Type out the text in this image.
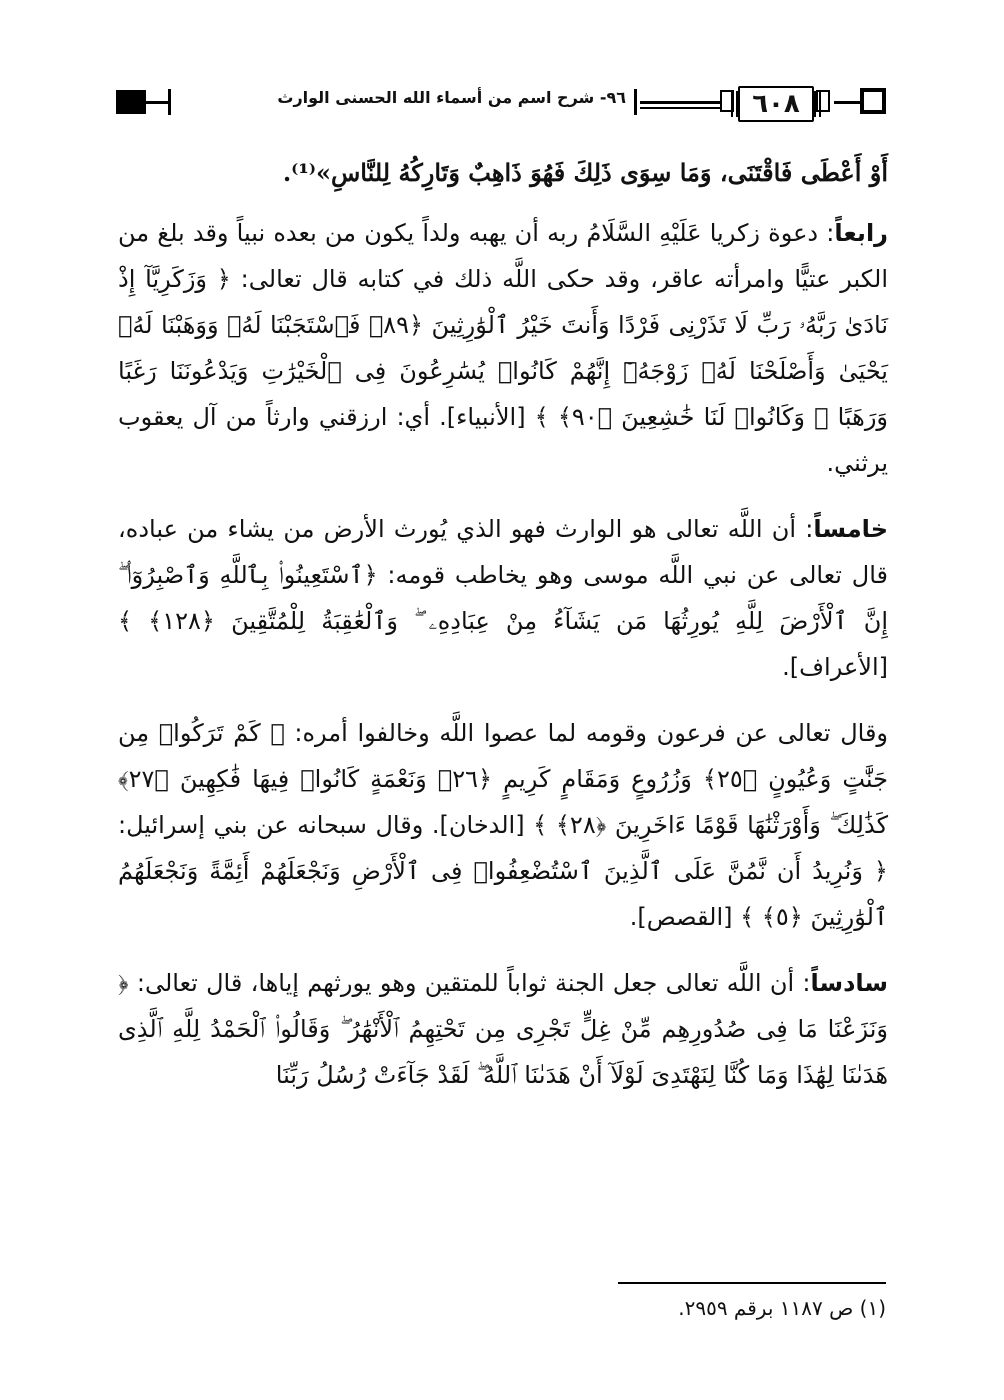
٩٦- شرح اسم من أسماء الله الحسنى الوارث	٦٠٨

أَوْ أَعْطَى فَاقْتَنَى، وَمَا سِوَى ذَلِكَ فَهُوَ ذَاهِبٌ وَتَارِكُهُ لِلنَّاسِ»⁽¹⁾.

رابعاً: دعوة زكريا عَلَيْهِ السَّلَامُ ربه أن يهبه ولداً يكون من بعده نبياً وقد بلغ من الكبر عتيًّا وامرأته عاقر، وقد حكى اللَّه ذلك في كتابه قال تعالى: ﴿ وَزَكَرِيَّآ إِذْ نَادَىٰ رَبَّهُۥ رَبِّ لَا تَذَرْنِى فَرْدًا وَأَنتَ خَيْرُ ٱلْوَٰرِثِينَ ﴿٨٩﴾ فَٱسْتَجَبْنَا لَهُۥ وَوَهَبْنَا لَهُۥ يَحْيَىٰ وَأَصْلَحْنَا لَهُۥ زَوْجَهُۥٓ إِنَّهُمْ كَانُوا۟ يُسَٰرِعُونَ فِى ٱلْخَيْرَٰتِ وَيَدْعُونَنَا رَغَبًا وَرَهَبًا ۖ وَكَانُوا۟ لَنَا خَٰشِعِينَ ﴿٩٠﴾ ﴾ [الأنبياء]. أي: ارزقني وارثاً من آل يعقوب يرثني.

خامساً: أن اللَّه تعالى هو الوارث فهو الذي يُورث الأرض من يشاء من عباده، قال تعالى عن نبي اللَّه موسى وهو يخاطب قومه: ﴿ٱسْتَعِينُوا۟ بِٱللَّهِ وَٱصْبِرُوٓا۟ ۖ إِنَّ ٱلْأَرْضَ لِلَّهِ يُورِثُهَا مَن يَشَآءُ مِنْ عِبَادِهِۦ ۖ وَٱلْعَٰقِبَةُ لِلْمُتَّقِينَ ﴿١٢٨﴾ ﴾ [الأعراف].

وقال تعالى عن فرعون وقومه لما عصوا اللَّه وخالفوا أمره: ﴿ كَمْ تَرَكُوا۟ مِن جَنَّٰتٍ وَعُيُونٍ ﴿٢٥﴾ وَزُرُوعٍ وَمَقَامٍ كَرِيمٍ ﴿٢٦﴾ وَنَعْمَةٍ كَانُوا۟ فِيهَا فَٰكِهِينَ ﴿٢٧﴾ كَذَٰلِكَ ۖ وَأَوْرَثْنَٰهَا قَوْمًا ءَاخَرِينَ ﴿٢٨﴾ ﴾ [الدخان]. وقال سبحانه عن بني إسرائيل: ﴿ وَنُرِيدُ أَن نَّمُنَّ عَلَى ٱلَّذِينَ ٱسْتُضْعِفُوا۟ فِى ٱلْأَرْضِ وَنَجْعَلَهُمْ أَئِمَّةً وَنَجْعَلَهُمُ ٱلْوَٰرِثِينَ ﴿٥﴾ ﴾ [القصص].

سادساً: أن اللَّه تعالى جعل الجنة ثواباً للمتقين وهو يورثهم إياها، قال تعالى: ﴿ وَنَزَعْنَا مَا فِى صُدُورِهِم مِّنْ غِلٍّ تَجْرِى مِن تَحْتِهِمُ ٱلْأَنْهَٰرُ ۖ وَقَالُوا۟ ٱلْحَمْدُ لِلَّهِ ٱلَّذِى هَدَىٰنَا لِهَٰذَا وَمَا كُنَّا لِنَهْتَدِىَ لَوْلَآ أَنْ هَدَىٰنَا ٱللَّهُ ۖ لَقَدْ جَآءَتْ رُسُلُ رَبِّنَا

(١) ص ١١٨٧ برقم ٢٩٥٩.
